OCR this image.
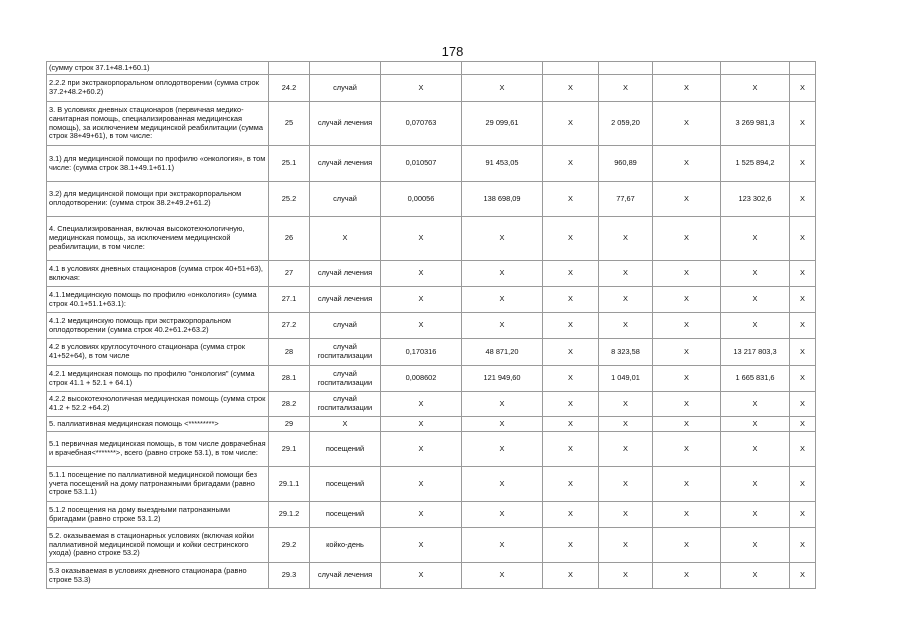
178
(сумму строк 37.1+48.1+60.1)									
2.2.2 при экстракорпоральном оплодотворении (сумма строк 37.2+48.2+60.2)	24.2	случай	Х	Х	Х	Х	Х	Х	Х
3. В условиях дневных стационаров (первичная медико-санитарная помощь, специализированная медицинская помощь), за исключением медицинской реабилитации (сумма строк 38+49+61), в том числе:	25	случай лечения	0,070763	29 099,61	Х	2 059,20	Х	3 269 981,3	Х
3.1) для медицинской помощи по профилю «онкология», в том числе: (сумма строк 38.1+49.1+61.1)	25.1	случай лечения	0,010507	91 453,05	Х	960,89	Х	1 525 894,2	Х
3.2) для медицинской помощи при экстракорпоральном оплодотворении: (сумма строк 38.2+49.2+61.2)	25.2	случай	0,00056	138 698,09	Х	77,67	Х	123 302,6	Х
4. Специализированная, включая высокотехнологичную, медицинская помощь, за исключением медицинской реабилитации, в том числе:	26	Х	Х	Х	Х	Х	Х	Х	Х
4.1 в условиях дневных стационаров (сумма строк 40+51+63), включая:	27	случай лечения	Х	Х	Х	Х	Х	Х	Х
4.1.1медицинскую помощь по профилю «онкология» (сумма строк 40.1+51.1+63.1):	27.1	случай лечения	Х	Х	Х	Х	Х	Х	Х
4.1.2 медицинскую помощь при экстракорпоральном оплодотворении (сумма строк 40.2+61.2+63.2)	27.2	случай	Х	Х	Х	Х	Х	Х	Х
4.2 в условиях круглосуточного стационара (сумма строк 41+52+64), в том числе	28	случай госпитализации	0,170316	48 871,20	Х	8 323,58	Х	13 217 803,3	Х
4.2.1 медицинская помощь по профилю "онкология" (сумма строк 41.1 + 52.1 + 64.1)	28.1	случай госпитализации	0,008602	121 949,60	Х	1 049,01	Х	1 665 831,6	Х
4.2.2 высокотехнологичная медицинская помощь (сумма строк 41.2 + 52.2 +64.2)	28.2	случай госпитализации	Х	Х	Х	Х	Х	Х	Х
5. паллиативная медицинская помощь <*********>	29	Х	Х	Х	Х	Х	Х	Х	Х
5.1 первичная медицинская помощь, в том числе доврачебная и врачебная<*******>, всего (равно строке 53.1), в том числе:	29.1	посещений	Х	Х	Х	Х	Х	Х	Х
5.1.1 посещение по паллиативной медицинской помощи без учета посещений на дому патронажными бригадами (равно строке 53.1.1)	29.1.1	посещений	Х	Х	Х	Х	Х	Х	Х
5.1.2 посещения на дому выездными патронажными бригадами (равно строке 53.1.2)	29.1.2	посещений	Х	Х	Х	Х	Х	Х	Х
5.2. оказываемая в стационарных условиях (включая койки паллиативной медицинской помощи и койки сестринского ухода) (равно строке 53.2)	29.2	койко-день	Х	Х	Х	Х	Х	Х	Х
5.3 оказываемая в условиях дневного стационара (равно строке 53.3)	29.3	случай лечения	Х	Х	Х	Х	Х	Х	Х
